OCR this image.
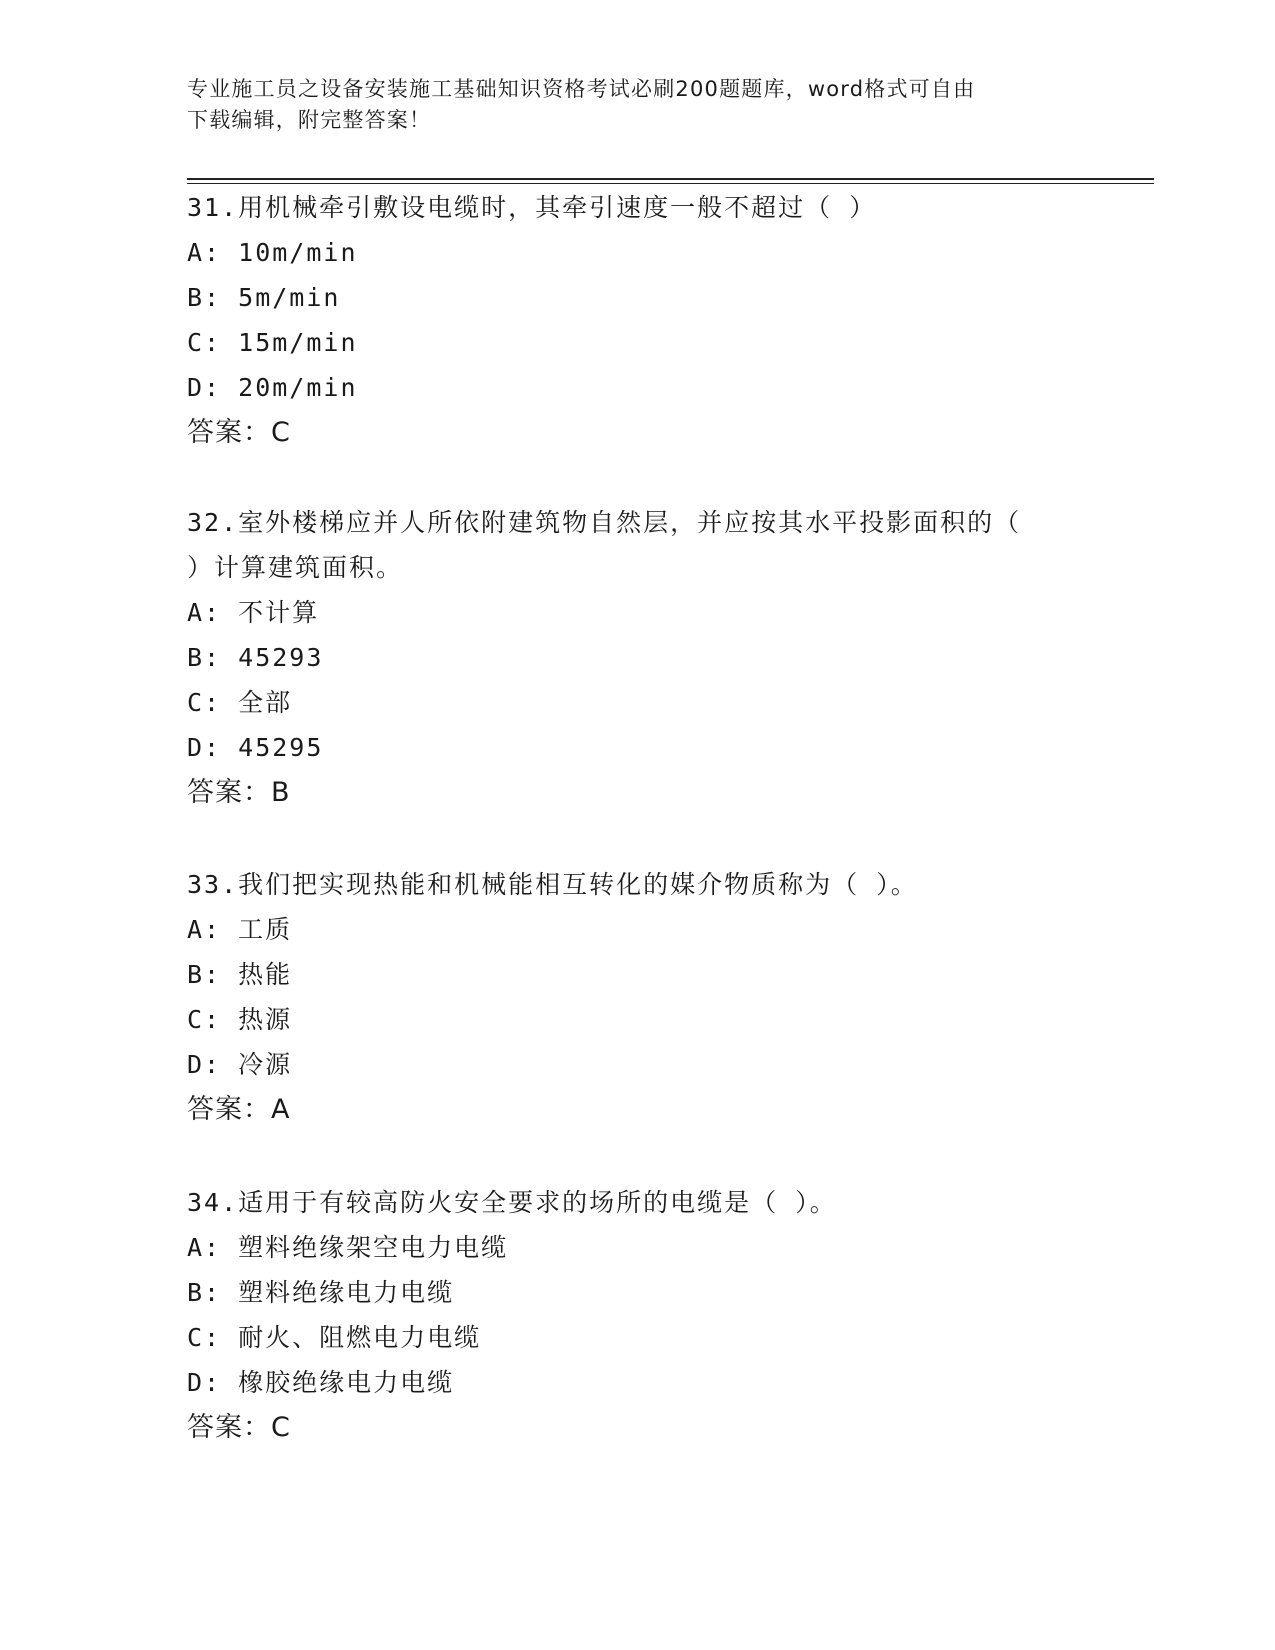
专业施工员之设备安装施工基础知识资格考试必刷200题题库，word格式可自由
下载编辑，附完整答案！
31.用机械牵引敷设电缆时，其牵引速度一般不超过（ ）
A: 10m/min
B: 5m/min
C: 15m/min
D: 20m/min
答案：C
32.室外楼梯应并人所依附建筑物自然层，并应按其水平投影面积的（
）计算建筑面积。
A: 不计算
B: 45293
C: 全部
D: 45295
答案：B
33.我们把实现热能和机械能相互转化的媒介物质称为（ ）。
A: 工质
B: 热能
C: 热源
D: 冷源
答案：A
34.适用于有较高防火安全要求的场所的电缆是（ ）。
A: 塑料绝缘架空电力电缆
B: 塑料绝缘电力电缆
C: 耐火、阻燃电力电缆
D: 橡胶绝缘电力电缆
答案：C
